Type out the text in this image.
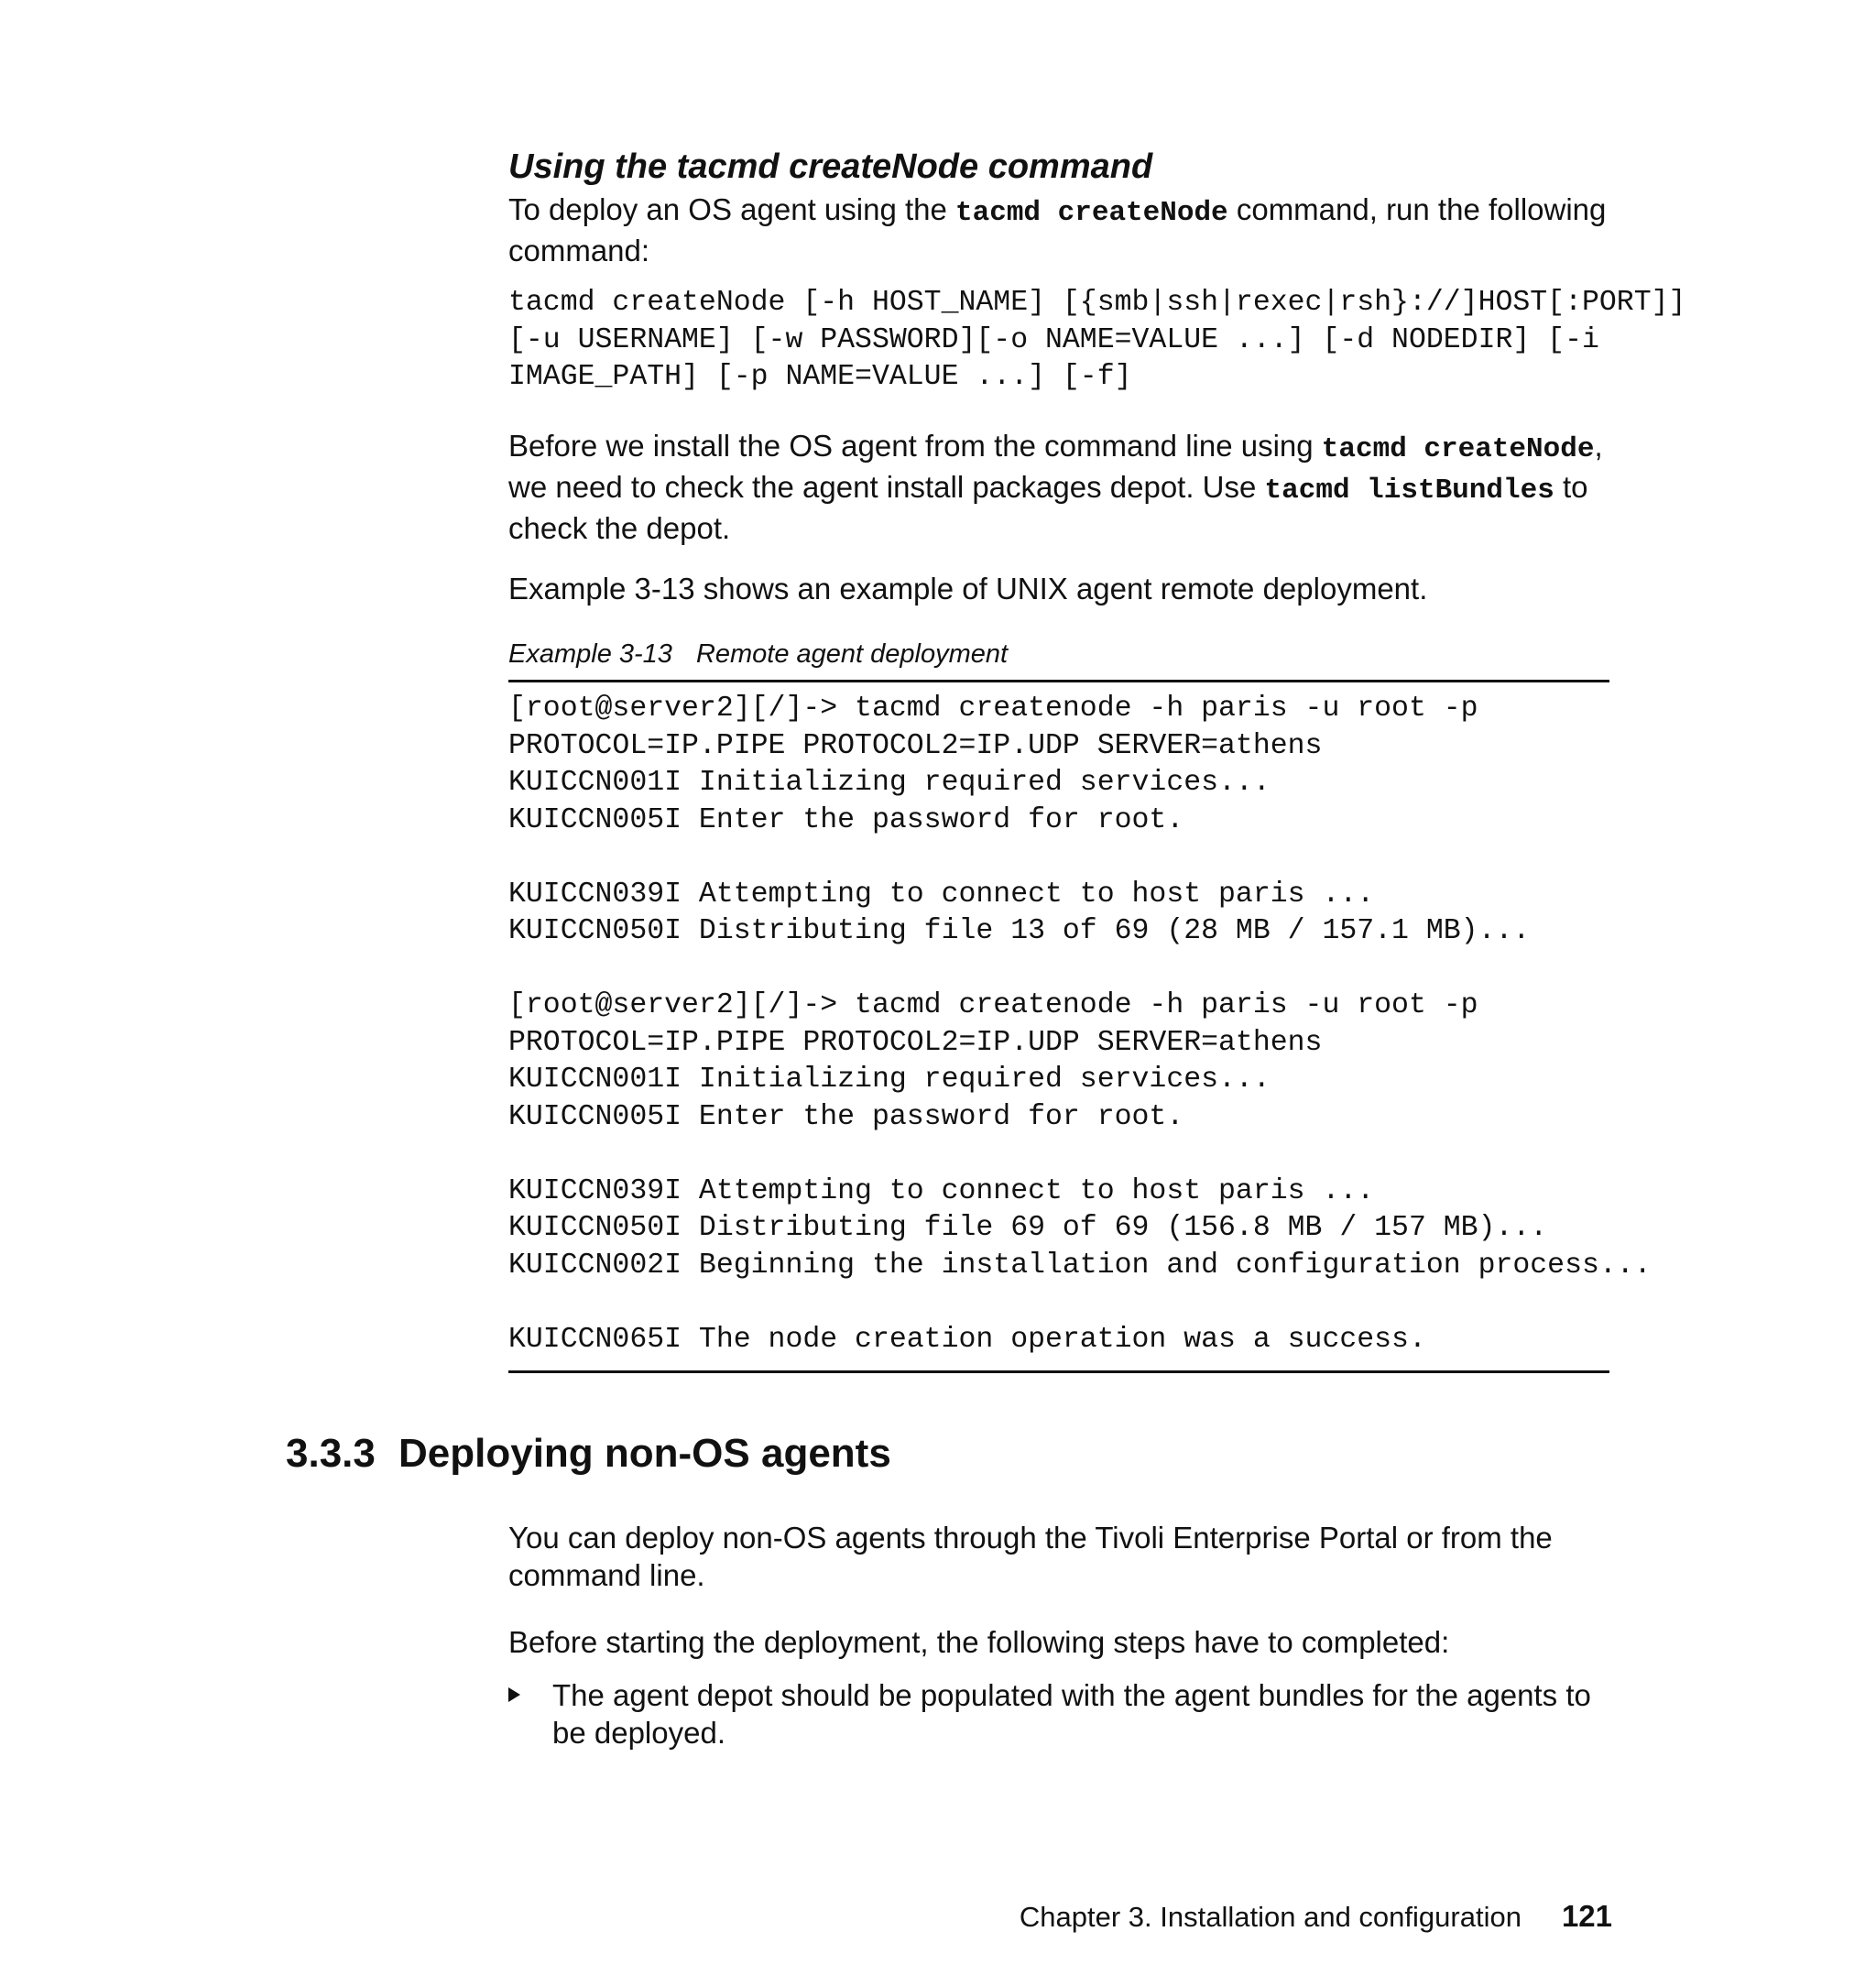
Using the tacmd createNode command

To deploy an OS agent using the tacmd createNode command, run the following command:

tacmd createNode [-h HOST_NAME] [{smb|ssh|rexec|rsh}://]HOST[:PORT]]
[-u USERNAME] [-w PASSWORD][-o NAME=VALUE ...] [-d NODEDIR] [-i
IMAGE_PATH] [-p NAME=VALUE ...] [-f]

Before we install the OS agent from the command line using tacmd createNode, we need to check the agent install packages depot. Use tacmd listBundles to check the depot.

Example 3-13 shows an example of UNIX agent remote deployment.

Example 3-13 Remote agent deployment
[root@server2][/]-> tacmd createnode -h paris -u root -p
PROTOCOL=IP.PIPE PROTOCOL2=IP.UDP SERVER=athens
KUICCN001I Initializing required services...
KUICCN005I Enter the password for root.

KUICCN039I Attempting to connect to host paris ...
KUICCN050I Distributing file 13 of 69 (28 MB / 157.1 MB)...

[root@server2][/]-> tacmd createnode -h paris -u root -p
PROTOCOL=IP.PIPE PROTOCOL2=IP.UDP SERVER=athens
KUICCN001I Initializing required services...
KUICCN005I Enter the password for root.

KUICCN039I Attempting to connect to host paris ...
KUICCN050I Distributing file 69 of 69 (156.8 MB / 157 MB)...
KUICCN002I Beginning the installation and configuration process...

KUICCN065I The node creation operation was a success.
3.3.3 Deploying non-OS agents

You can deploy non-OS agents through the Tivoli Enterprise Portal or from the command line.

Before starting the deployment, the following steps have to completed:

The agent depot should be populated with the agent bundles for the agents to be deployed.
Chapter 3. Installation and configuration 121
